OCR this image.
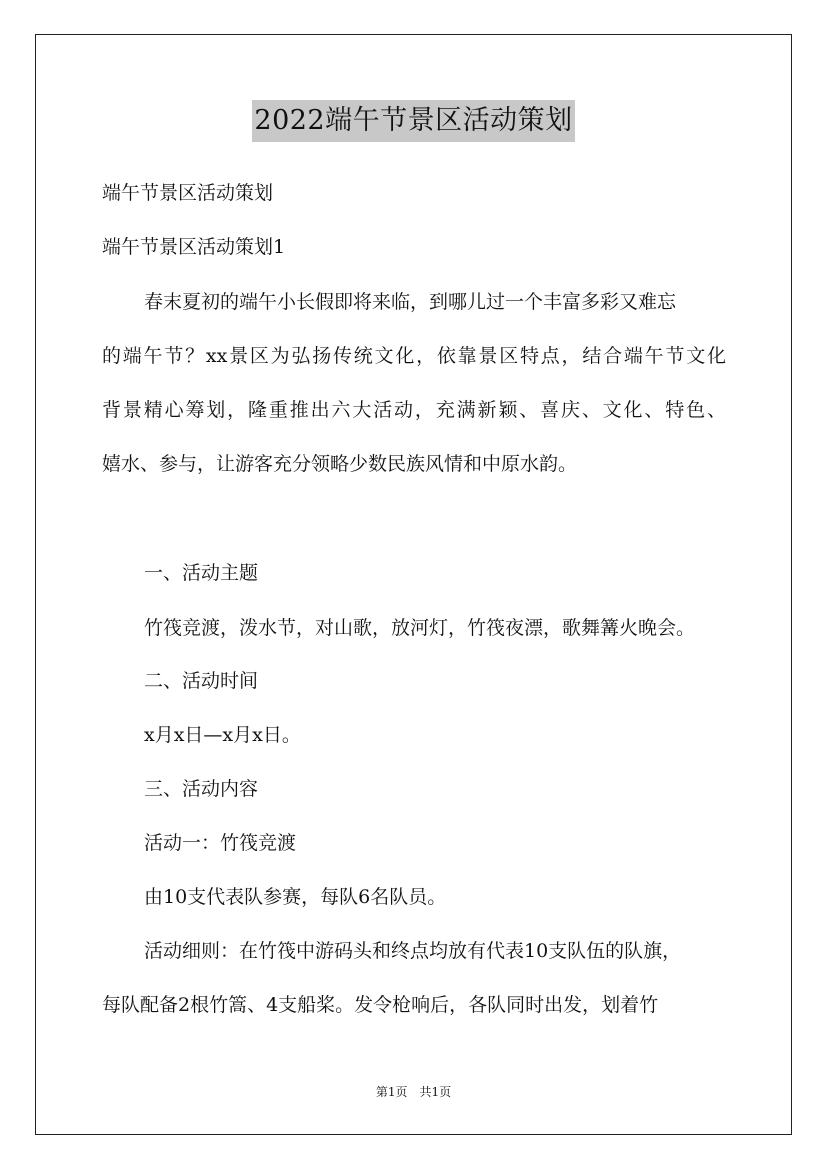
2022端午节景区活动策划
端午节景区活动策划
端午节景区活动策划1
春末夏初的端午小长假即将来临，到哪儿过一个丰富多彩又难忘
的端午节？xx景区为弘扬传统文化，依靠景区特点，结合端午节文化
背景精心筹划，隆重推出六大活动，充满新颖、喜庆、文化、特色、
嬉水、参与，让游客充分领略少数民族风情和中原水韵。
一、活动主题
竹筏竞渡，泼水节，对山歌，放河灯，竹筏夜漂，歌舞篝火晚会。
二、活动时间
x月x日—x月x日。
三、活动内容
活动一：竹筏竞渡
由10支代表队参赛，每队6名队员。
活动细则：在竹筏中游码头和终点均放有代表10支队伍的队旗，
每队配备2根竹篙、4支船桨。发令枪响后，各队同时出发，划着竹
第1页　共1页
